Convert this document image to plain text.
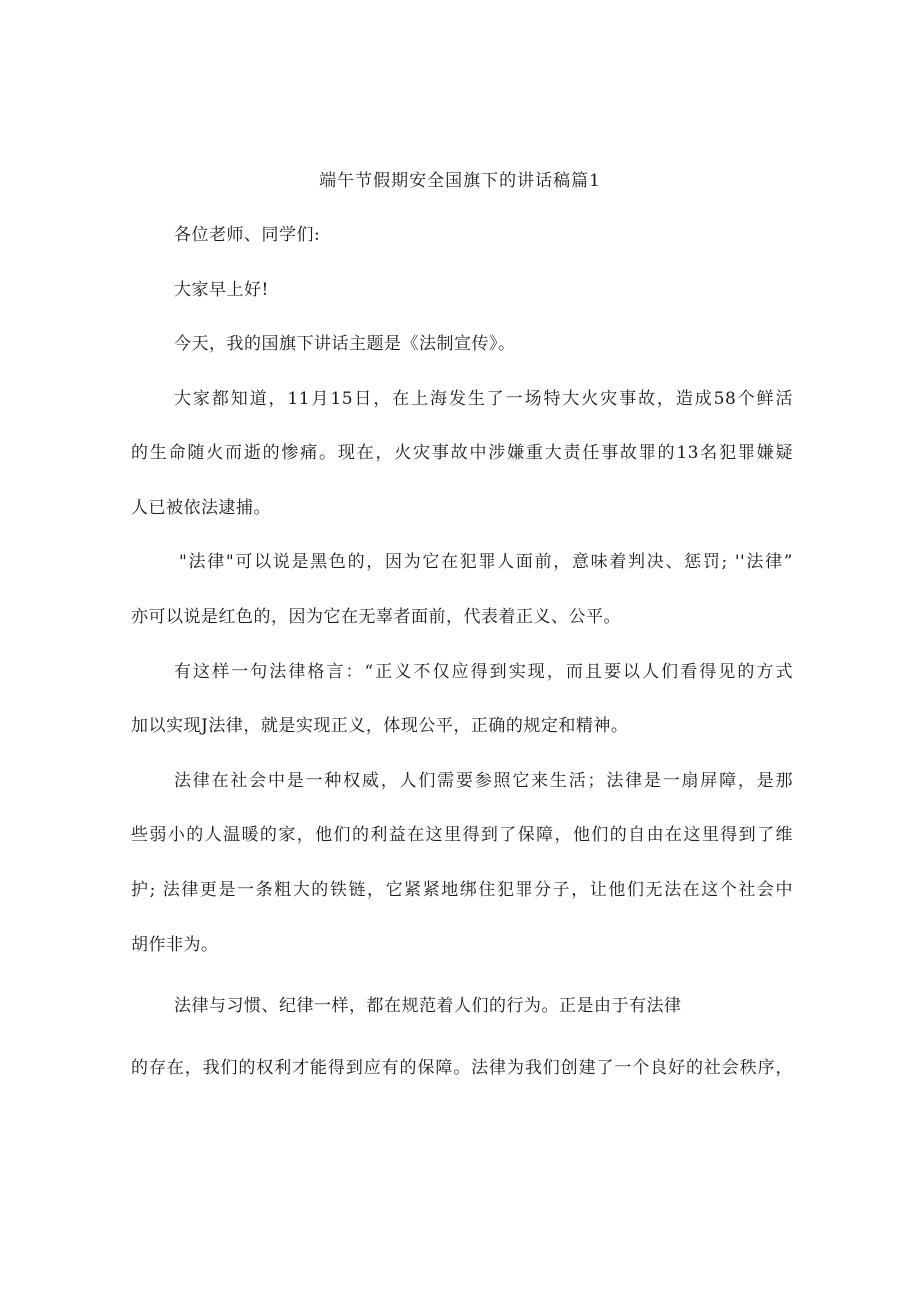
端午节假期安全国旗下的讲话稿篇1
各位老师、同学们:
大家早上好!
今天，我的国旗下讲话主题是《法制宣传》。
大家都知道，11月15日，在上海发生了一场特大火灾事故，造成58个鲜活
的生命随火而逝的惨痛。现在，火灾事故中涉嫌重大责任事故罪的13名犯罪嫌疑
人已被依法逮捕。
"法律"可以说是黑色的，因为它在犯罪人面前，意味着判决、惩罚; ''法律”
亦可以说是红色的，因为它在无辜者面前，代表着正义、公平。
有这样一句法律格言：“正义不仅应得到实现，而且要以人们看得见的方式
加以实现J法律，就是实现正义，体现公平，正确的规定和精神。
法律在社会中是一种权威，人们需要参照它来生活；法律是一扇屏障，是那
些弱小的人温暖的家，他们的利益在这里得到了保障，他们的自由在这里得到了维
护; 法律更是一条粗大的铁链，它紧紧地绑住犯罪分子，让他们无法在这个社会中
胡作非为。
法律与习惯、纪律一样，都在规范着人们的行为。正是由于有法律
的存在，我们的权利才能得到应有的保障。法律为我们创建了一个良好的社会秩序，
